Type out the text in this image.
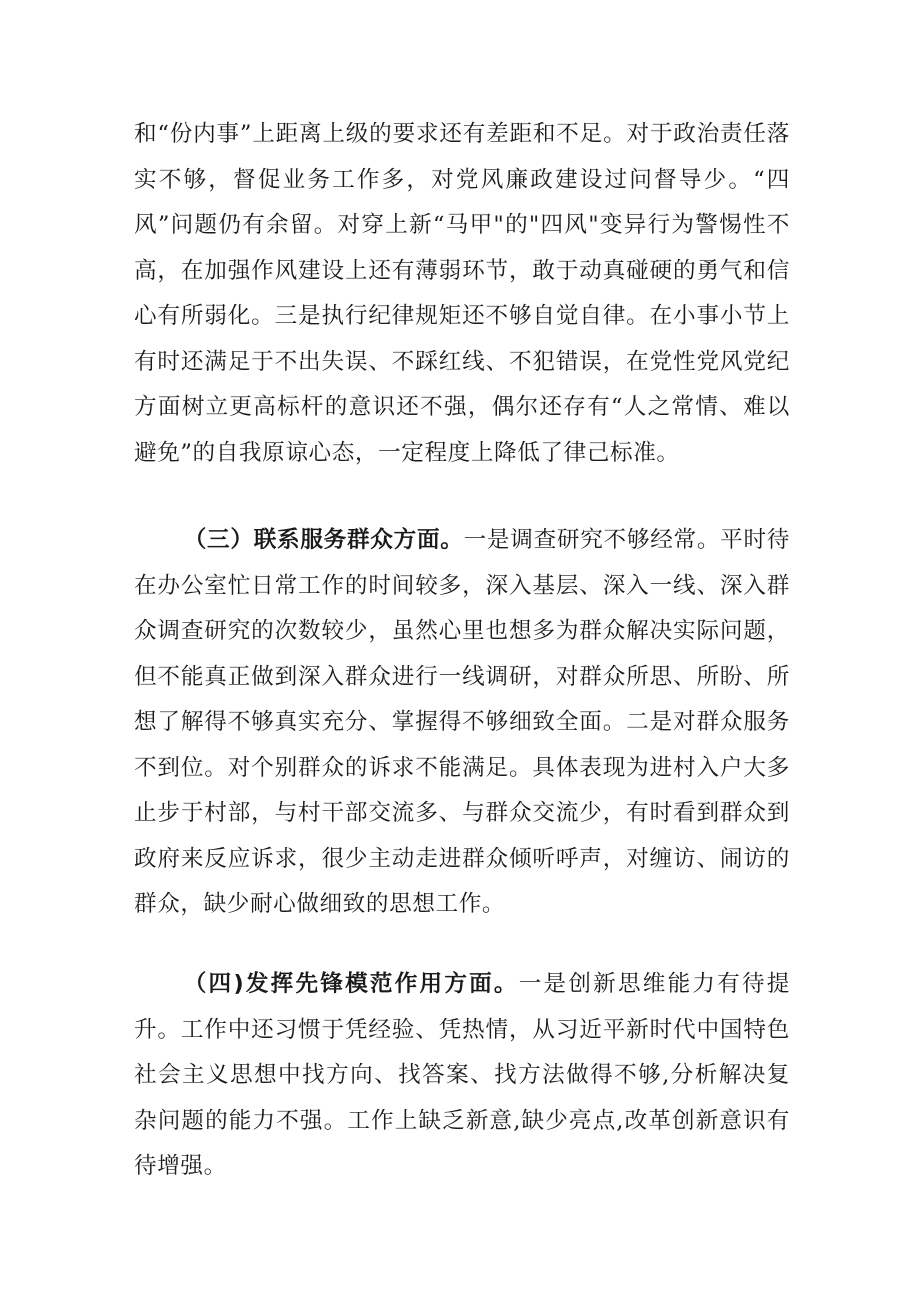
和“份内事”上距离上级的要求还有差距和不足。对于政治责任落实不够，督促业务工作多，对党风廉政建设过问督导少。“四风”问题仍有余留。对穿上新“马甲"的"四风"变异行为警惕性不高，在加强作风建设上还有薄弱环节，敢于动真碰硬的勇气和信心有所弱化。三是执行纪律规矩还不够自觉自律。在小事小节上有时还满足于不出失误、不踩红线、不犯错误，在党性党风党纪方面树立更高标杆的意识还不强，偶尔还存有“人之常情、难以避免”的自我原谅心态，一定程度上降低了律己标准。

（三）联系服务群众方面。一是调查研究不够经常。平时待在办公室忙日常工作的时间较多，深入基层、深入一线、深入群众调查研究的次数较少，虽然心里也想多为群众解决实际问题，但不能真正做到深入群众进行一线调研，对群众所思、所盼、所想了解得不够真实充分、掌握得不够细致全面。二是对群众服务不到位。对个别群众的诉求不能满足。具体表现为进村入户大多止步于村部，与村干部交流多、与群众交流少，有时看到群众到政府来反应诉求，很少主动走进群众倾听呼声，对缠访、闹访的群众，缺少耐心做细致的思想工作。

（四)发挥先锋模范作用方面。一是创新思维能力有待提升。工作中还习惯于凭经验、凭热情，从习近平新时代中国特色社会主义思想中找方向、找答案、找方法做得不够,分析解决复杂问题的能力不强。工作上缺乏新意,缺少亮点,改革创新意识有待增强。
